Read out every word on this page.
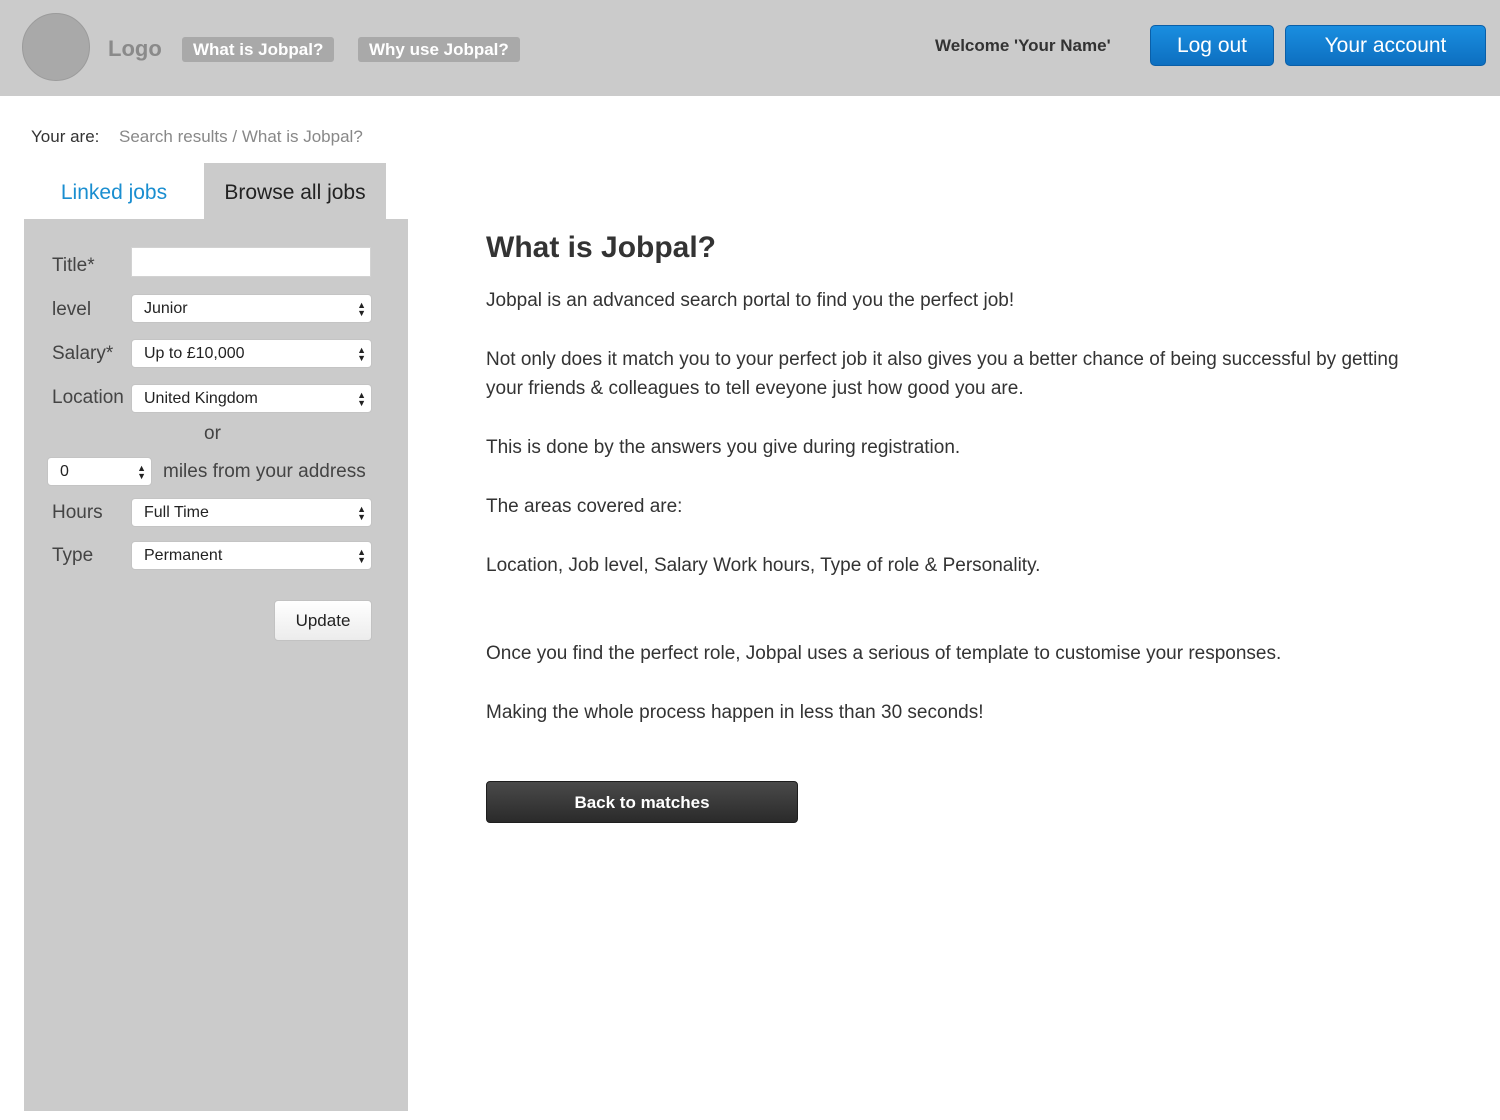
Logo	What is Jobpal?	Why use Jobpal?	Welcome 'Your Name'	Log out	Your account
Your are: Search results / What is Jobpal?
Linked jobs	Browse all jobs
Title*
level	Junior	▲
▼
Salary*	Up to £10,000	▲
▼
Location	United Kingdom	▲
▼
or
0	▲
▼ miles from your address
Hours	Full Time	▲
▼
Type	Permanent	▲
▼
Update
What is Jobpal?
Jobpal is an advanced search portal to find you the perfect job!
Not only does it match you to your perfect job it also gives you a better chance of being successful by getting your friends & colleagues to tell eveyone just how good you are.
This is done by the answers you give during registration.
The areas covered are:
Location, Job level, Salary Work hours, Type of role & Personality.
Once you find the perfect role, Jobpal uses a serious of template to customise your responses.
Making the whole process happen in less than 30 seconds!
Back to matches
